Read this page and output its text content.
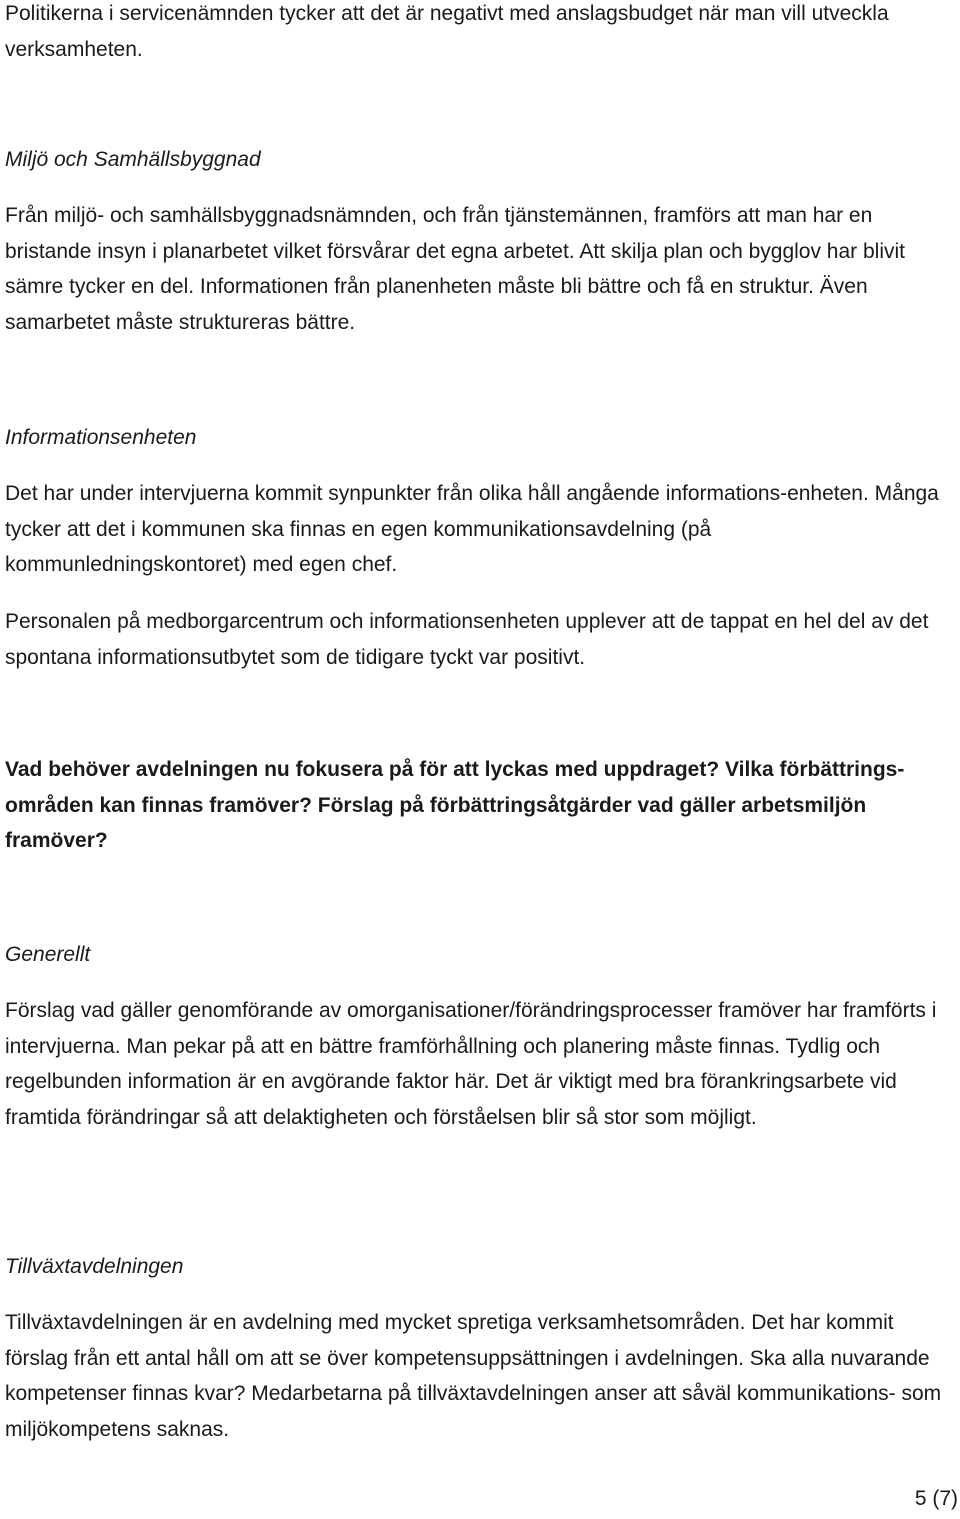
Politikerna i servicenämnden tycker att det är negativt med anslagsbudget när man vill utveckla verksamheten.

Miljö och Samhällsbyggnad

Från miljö- och samhällsbyggnadsnämnden, och från tjänstemännen, framförs att man har en bristande insyn i planarbetet vilket försvårar det egna arbetet. Att skilja plan och bygglov har blivit sämre tycker en del. Informationen från planenheten måste bli bättre och få en struktur. Även samarbetet måste struktureras bättre.

Informationsenheten

Det har under intervjuerna kommit synpunkter från olika håll angående informations-enheten. Många tycker att det i kommunen ska finnas en egen kommunikationsavdelning (på kommunledningskontoret) med egen chef.

Personalen på medborgarcentrum och informationsenheten upplever att de tappat en hel del av det spontana informationsutbytet som de tidigare tyckt var positivt.

Vad behöver avdelningen nu fokusera på för att lyckas med uppdraget? Vilka förbättrings-områden kan finnas framöver? Förslag på förbättringsåtgärder vad gäller arbetsmiljön framöver?

Generellt

Förslag vad gäller genomförande av omorganisationer/förändringsprocesser framöver har framförts i intervjuerna. Man pekar på att en bättre framförhållning och planering måste finnas. Tydlig och regelbunden information är en avgörande faktor här. Det är viktigt med bra förankringsarbete vid framtida förändringar så att delaktigheten och förståelsen blir så stor som möjligt.

Tillväxtavdelningen

Tillväxtavdelningen är en avdelning med mycket spretiga verksamhetsområden. Det har kommit förslag från ett antal håll om att se över kompetensuppsättningen i avdelningen. Ska alla nuvarande kompetenser finnas kvar? Medarbetarna på tillväxtavdelningen anser att såväl kommunikations- som miljökompetens saknas.

5 (7)
